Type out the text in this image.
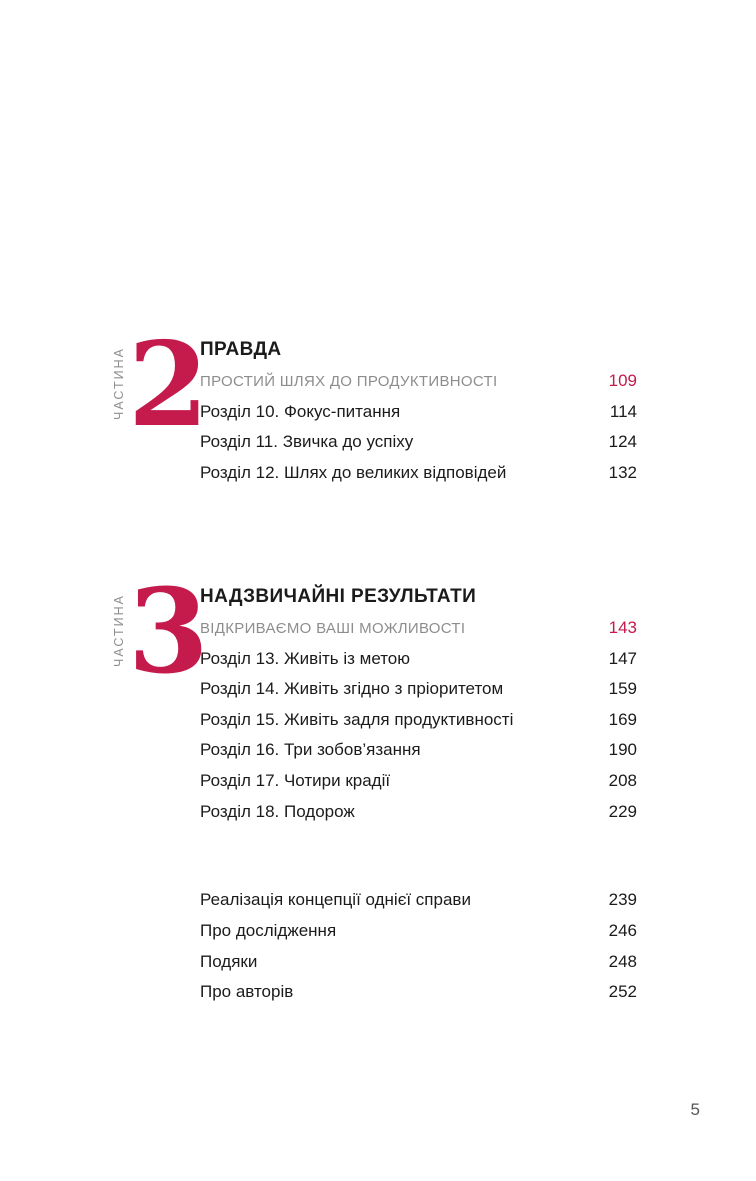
ЧАСТИНА 2
ПРАВДА
ПРОСТИЙ ШЛЯХ ДО ПРОДУКТИВНОСТІ	109
Розділ 10. Фокус-питання	114
Розділ 11. Звичка до успіху	124
Розділ 12. Шлях до великих відповідей	132
ЧАСТИНА 3
НАДЗВИЧАЙНІ РЕЗУЛЬТАТИ
ВІДКРИВАЄМО ВАШІ МОЖЛИВОСТІ	143
Розділ 13. Живіть із метою	147
Розділ 14. Живіть згідно з пріоритетом	159
Розділ 15. Живіть задля продуктивності	169
Розділ 16. Три зобов’язання	190
Розділ 17. Чотири крадії	208
Розділ 18. Подорож	229
Реалізація концепції однієї справи	239
Про дослідження	246
Подяки	248
Про авторів	252
5
